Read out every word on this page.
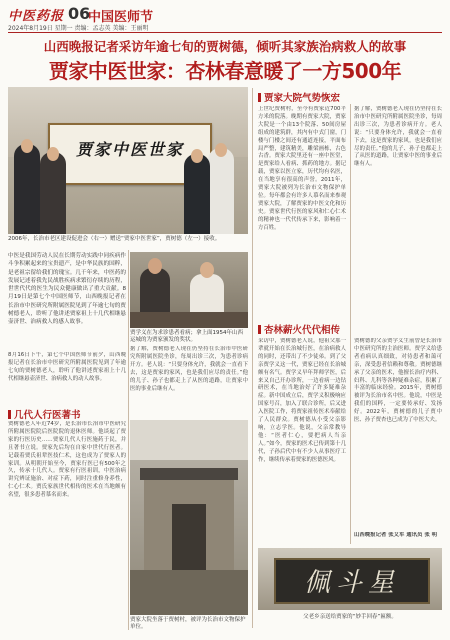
中医药报 06
中国医师节
2024年8月19日 星期一 责编：孟志英 美编：王丽明
山西晚报记者采访年逾七旬的贾树德，倾听其家族治病救人的故事
贾家中医世家：杏林春意暖了一方500年
贾家中医世家
2006年，长治市老区建设促进会（右一）赠送“贾家中医世家”，贾树德（左一）接收。
中医是我国劳动人民在长期劳动实践中同疾病作斗争积累起来的宝贵遗产，是中华民族的国粹，是老祖宗留给我们的瑰宝。几千年来，中医药的发展记述着我先民战胜疾病求繁衍存续的历程，世世代代的医生为民众健康做出了重大贡献。8月19日是第七个中国医师节，山西晚报记者在长治市中医研究所附属医院见到了年逾七旬的贾树德老人，聆听了他讲述贾家祖上十几代相继悬壶济世、治病救人的感人故事。
8月16日下午，第七个中国医师节前夕，山西晚报记者在长治市中医研究所附属医院见到了年逾七旬的贾树德老人，聆听了他讲述贾家祖上十几代相继悬壶济世、治病救人的动人故事。
几代人行医著书
贾树德老人年近74岁，是长治市长治市中医研究所附属医院院后医院院的退休医师。他谈起了贾家的行医历史……贾家几代人行医施药于民，并且著书立说。贾家先后均在自家中世代行医者。记载着贾氏祖辈医技仁术，这也成为了贾家人的家训。从明朝开始至今，贾家行医已有500年之久，传承十几代人。贾家有行医祖训，中医治病讲究辨证施治、对症下药，同时注重修身养性，仁心仁术。贾氏家族世代相传的医术在当地颇有名望，很多患者慕名而来。
贾学义在为求诊患者看病；拿上面1954年山西运城的为贾家颁发的奖状。
据了解，贾树德老人现在仍坚持在长治市中医研究所附属医院坐诊，每周出诊三次，为患者诊病开方。老人说：“只要身体允许，我就会一直看下去，这是贾家的家风，也是我们应尽的责任。”他的儿子、孙子也都走上了从医的道路，让贾家中医的事业后继有人。
贾家大院坐落于贾树村，被评为长治市文物保护单位。
贾家大院气势恢宏
上世纪贾树村，至今有贾家近700平方米的院落。晚期有贾家大院，贾家大院是一个由13个院落、50间房屋组成的建筑群，其内有中式门窗，门楼与门楼之间还有通道连接，平面布局严整，建筑精美，雕梁画栋，古色古香。贾家大院里还有一座中医堂，是贾家给人看病、抓药的地方。据记载，贾家以医立家，历代均有名医，在当地享有很高的声誉。2011年，贾家大院被列为长治市文物保护单位。每年都会有许多人慕名而来参观贾家大院，了解贾家的中医文化和历史。贾家世代行医的家风和仁心仁术的精神也一代代传承下来，影响着一方百姓。
据了解，贾树德老人现在仍坚持在长治市中医研究所附属医院坐诊，每周出诊三次，为患者诊病开方。老人说：“只要身体允许，我就会一直看下去，这是贾家的家风，也是我们应尽的责任。”他的儿子、孙子也都走上了从医的道路，让贾家中医的事业后继有人。
杏林薪火代代相传
采访中，贾树德老人说，他祖父那一辈就开始在长治城行医，在治病救人的同时，还带出了不少徒弟。到了父亲贾学义这一代，贾家已经在长治城颇有名气。贾学义早年拜师学医，后来又自己开办诊所，一边看病一边钻研医术，在当地治好了许多疑难杂症。新中国成立后，贾学义积极响应国家号召，加入了联合诊所，后又进入医院工作，将贾家祖传医术奉献给了人民群众。贾树德从小受父亲影响，立志学医。他说，父亲常教导他：“医者仁心，要把病人当亲人。”如今，贾家的医术已传到第十几代，子孙后代中有不少人从事医疗工作，继续传承着贾家的医德医风。
贾树德的父亲贾学义生前曾是长治市中医研究所的主治医师。贾学义给患者看病认真细致，对待患者和蔼可亲，深受患者信赖和尊敬。贾树德继承了父亲的医术，他擅长治疗内科、妇科、儿科等各种疑难杂症，积累了丰富的临床经验。2015年，贾树德被评为长治市名中医。他说，中医是我们的国粹，一定要传承好、发扬好。2022年，贾树德的儿子贾中医、孙子贾杏也已成为了中医大夫。
山西晚报记者 张艾军 通讯员 张 明
佩斗星
父老乡亲送给贾家的“妙手回春”匾额。
